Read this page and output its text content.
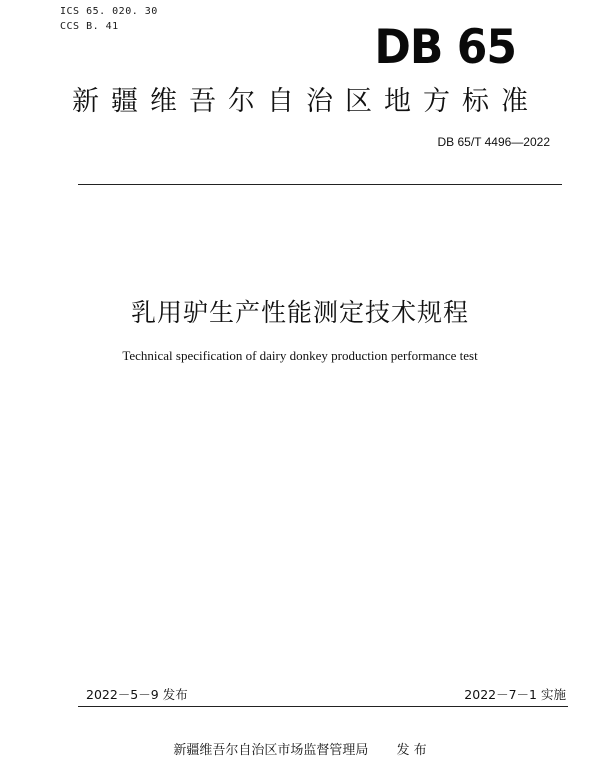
ICS 65. 020. 30
CCS B. 41	DB 65
新疆维吾尔自治区地方标准
DB 65/T 4496—2022
乳用驴生产性能测定技术规程
Technical specification of dairy donkey production performance test
2022－5－9 发布	2022－7－1 实施
新疆维吾尔自治区市场监督管理局 发 布
